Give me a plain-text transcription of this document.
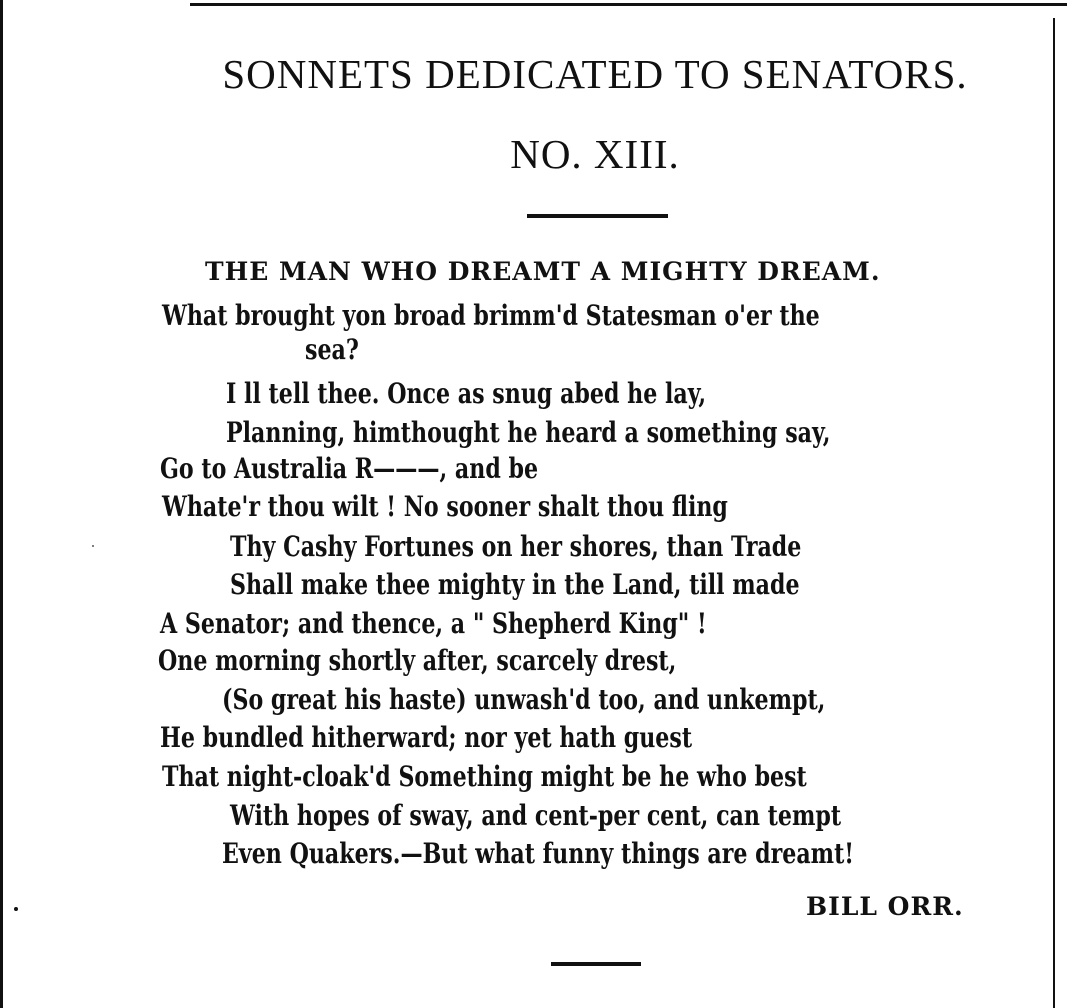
SONNETS DEDICATED TO SENATORS.
NO. XIII.
THE MAN WHO DREAMT A MIGHTY DREAM.
What brought yon broad brimm'd Statesman o'er the
sea?
I ll tell thee. Once as snug abed he lay,
Planning, himthought he heard a something say,
Go to Australia R———, and be
Whate'r thou wilt ! No sooner shalt thou fling
Thy Cashy Fortunes on her shores, than Trade
Shall make thee mighty in the Land, till made
A Senator; and thence, a " Shepherd King" !
One morning shortly after, scarcely drest,
(So great his haste) unwash'd too, and unkempt,
He bundled hitherward; nor yet hath guest
That night-cloak'd Something might be he who best
With hopes of sway, and cent-per cent, can tempt
Even Quakers.—But what funny things are dreamt!
BILL ORR.
